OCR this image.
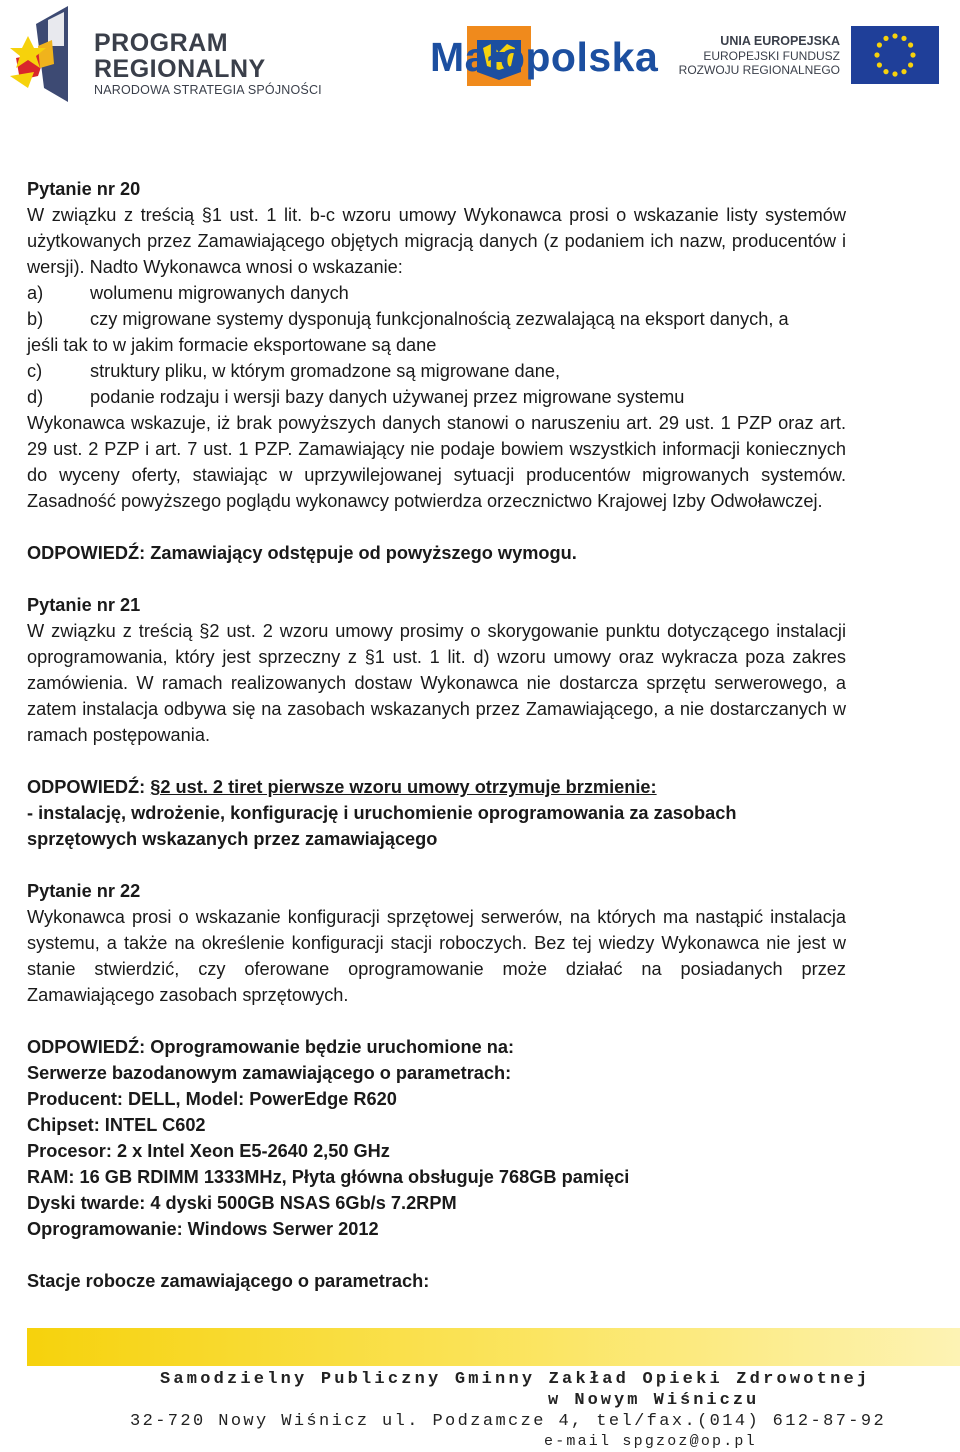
PROGRAM
REGIONALNY
NARODOWA STRATEGIA SPÓJNOŚCI
Małopolska	UNIA EUROPEJSKA
EUROPEJSKI FUNDUSZ
ROZWOJU REGIONALNEGO

Pytanie nr 20

W związku z treścią §1 ust. 1 lit. b-c wzoru umowy Wykonawca prosi o wskazanie listy systemów użytkowanych przez Zamawiającego objętych migracją danych (z podaniem ich nazw, producentów i wersji). Nadto Wykonawca wnosi o wskazanie:

a)	wolumenu migrowanych danych
b)	czy migrowane systemy dysponują funkcjonalnością zezwalającą na eksport danych, a

jeśli tak to w jakim formacie eksportowane są dane

c)	struktury pliku, w którym gromadzone są migrowane dane,
d)	podanie rodzaju i wersji bazy danych używanej przez migrowane systemu

Wykonawca wskazuje, iż brak powyższych danych stanowi o naruszeniu art. 29 ust. 1 PZP oraz art. 29 ust. 2 PZP i art. 7 ust. 1 PZP. Zamawiający nie podaje bowiem wszystkich informacji koniecznych do wyceny oferty, stawiając w uprzywilejowanej sytuacji producentów migrowanych systemów. Zasadność powyższego poglądu wykonawcy potwierdza orzecznictwo Krajowej Izby Odwoławczej.

ODPOWIEDŹ: Zamawiający odstępuje od powyższego wymogu.

Pytanie nr 21

W związku z treścią §2 ust. 2 wzoru umowy prosimy o skorygowanie punktu dotyczącego instalacji oprogramowania, który jest sprzeczny z §1 ust. 1 lit. d) wzoru umowy oraz wykracza poza zakres zamówienia. W ramach realizowanych dostaw Wykonawca nie dostarcza sprzętu serwerowego, a zatem instalacja odbywa się na zasobach wskazanych przez Zamawiającego, a nie dostarczanych w ramach postępowania.

ODPOWIEDŹ: §2 ust. 2 tiret pierwsze wzoru umowy otrzymuje brzmienie:

- instalację, wdrożenie, konfigurację i uruchomienie oprogramowania za zasobach

sprzętowych wskazanych przez zamawiającego

Pytanie nr 22

Wykonawca prosi o wskazanie konfiguracji sprzętowej serwerów, na których ma nastąpić instalacja systemu, a także na określenie konfiguracji stacji roboczych. Bez tej wiedzy Wykonawca nie jest w stanie stwierdzić, czy oferowane oprogramowanie może działać na posiadanych przez Zamawiającego zasobach sprzętowych.

ODPOWIEDŹ: Oprogramowanie będzie uruchomione na:

Serwerze bazodanowym zamawiającego o parametrach:

Producent: DELL, Model: PowerEdge R620

Chipset: INTEL C602

Procesor: 2 x Intel Xeon E5-2640 2,50 GHz

RAM: 16 GB RDIMM 1333MHz, Płyta główna obsługuje 768GB pamięci

Dyski twarde: 4 dyski 500GB NSAS 6Gb/s 7.2RPM

Oprogramowanie: Windows Serwer 2012

Stacje robocze zamawiającego o parametrach:

Samodzielny Publiczny Gminny Zakład Opieki Zdrowotnej
w Nowym Wiśniczu
32-720 Nowy Wiśnicz ul. Podzamcze 4, tel/fax.(014) 612-87-92
e-mail spgzoz@op.pl
